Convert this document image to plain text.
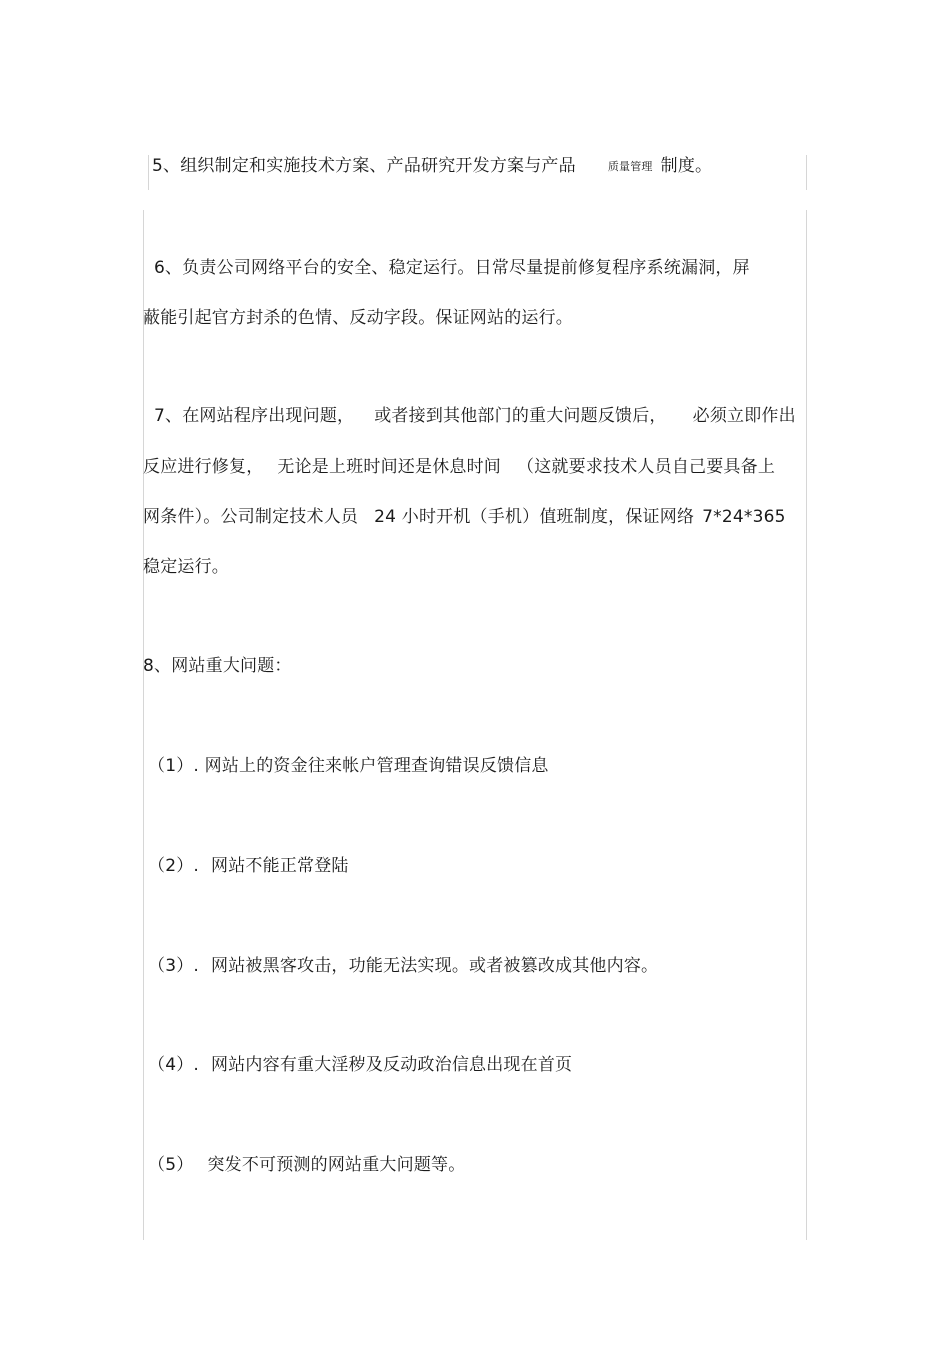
5、组织制定和实施技术方案、产品研究开发方案与产品	质量管理 制度。
6、负责公司网络平台的安全、稳定运行。日常尽量提前修复程序系统漏洞，屏
蔽能引起官方封杀的色情、反动字段。保证网站的运行。
7、在网站程序出现问题， 或者接到其他部门的重大问题反馈后， 必须立即作出
反应进行修复， 无论是上班时间还是休息时间 （这就要求技术人员自己要具备上
网条件）。公司制定技术人员 24 小时开机（手机）值班制度，保证网络 7*24*365
稳定运行。
8、网站重大问题：
（1）. 网站上的资金往来帐户管理查询错误反馈信息
（2）. 网站不能正常登陆
（3）. 网站被黑客攻击，功能无法实现。或者被篡改成其他内容。
（4）. 网站内容有重大淫秽及反动政治信息出现在首页
（5） 突发不可预测的网站重大问题等。
